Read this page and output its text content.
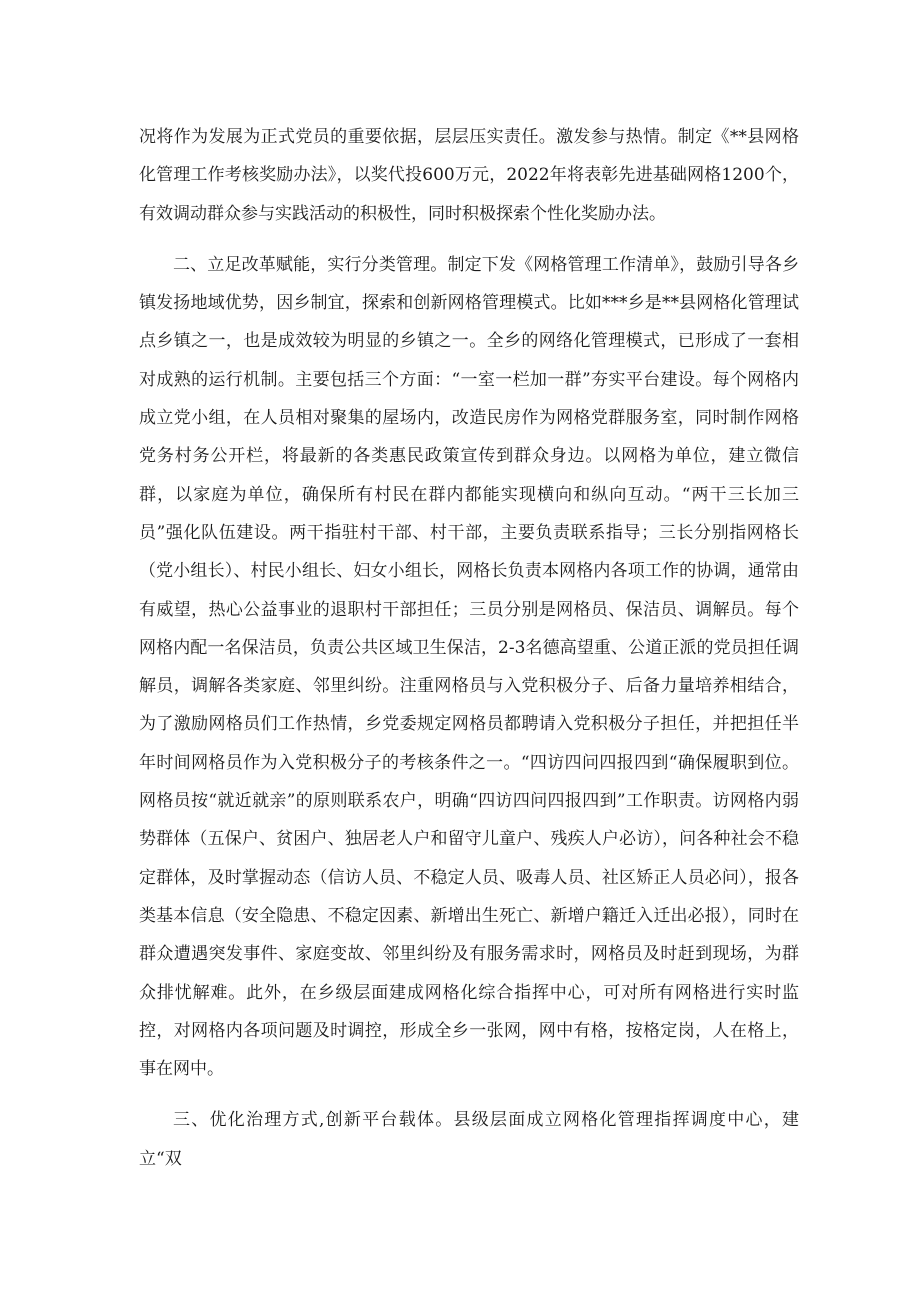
况将作为发展为正式党员的重要依据，层层压实责任。激发参与热情。制定《**县网格化管理工作考核奖励办法》，以奖代投600万元，2022年将表彰先进基础网格1200个，有效调动群众参与实践活动的积极性，同时积极探索个性化奖励办法。

二、立足改革赋能，实行分类管理。制定下发《网格管理工作清单》，鼓励引导各乡镇发扬地域优势，因乡制宜，探索和创新网格管理模式。比如***乡是**县网格化管理试点乡镇之一，也是成效较为明显的乡镇之一。全乡的网络化管理模式，已形成了一套相对成熟的运行机制。主要包括三个方面：“一室一栏加一群”夯实平台建设。每个网格内成立党小组，在人员相对聚集的屋场内，改造民房作为网格党群服务室，同时制作网格党务村务公开栏，将最新的各类惠民政策宣传到群众身边。以网格为单位，建立微信群，以家庭为单位，确保所有村民在群内都能实现横向和纵向互动。“两干三长加三员”强化队伍建设。两干指驻村干部、村干部，主要负责联系指导；三长分别指网格长（党小组长）、村民小组长、妇女小组长，网格长负责本网格内各项工作的协调，通常由有威望，热心公益事业的退职村干部担任；三员分别是网格员、保洁员、调解员。每个网格内配一名保洁员，负责公共区域卫生保洁，2-3名德高望重、公道正派的党员担任调解员，调解各类家庭、邻里纠纷。注重网格员与入党积极分子、后备力量培养相结合，为了激励网格员们工作热情，乡党委规定网格员都聘请入党积极分子担任，并把担任半年时间网格员作为入党积极分子的考核条件之一。“四访四问四报四到“确保履职到位。网格员按“就近就亲”的原则联系农户，明确“四访四问四报四到”工作职责。访网格内弱势群体（五保户、贫困户、独居老人户和留守儿童户、残疾人户必访），问各种社会不稳定群体，及时掌握动态（信访人员、不稳定人员、吸毒人员、社区矫正人员必问），报各类基本信息（安全隐患、不稳定因素、新增出生死亡、新增户籍迁入迁出必报），同时在群众遭遇突发事件、家庭变故、邻里纠纷及有服务需求时，网格员及时赶到现场，为群众排忧解难。此外，在乡级层面建成网格化综合指挥中心，可对所有网格进行实时监控，对网格内各项问题及时调控，形成全乡一张网，网中有格，按格定岗，人在格上，事在网中。

三、优化治理方式,创新平台载体。县级层面成立网格化管理指挥调度中心，建立“双
